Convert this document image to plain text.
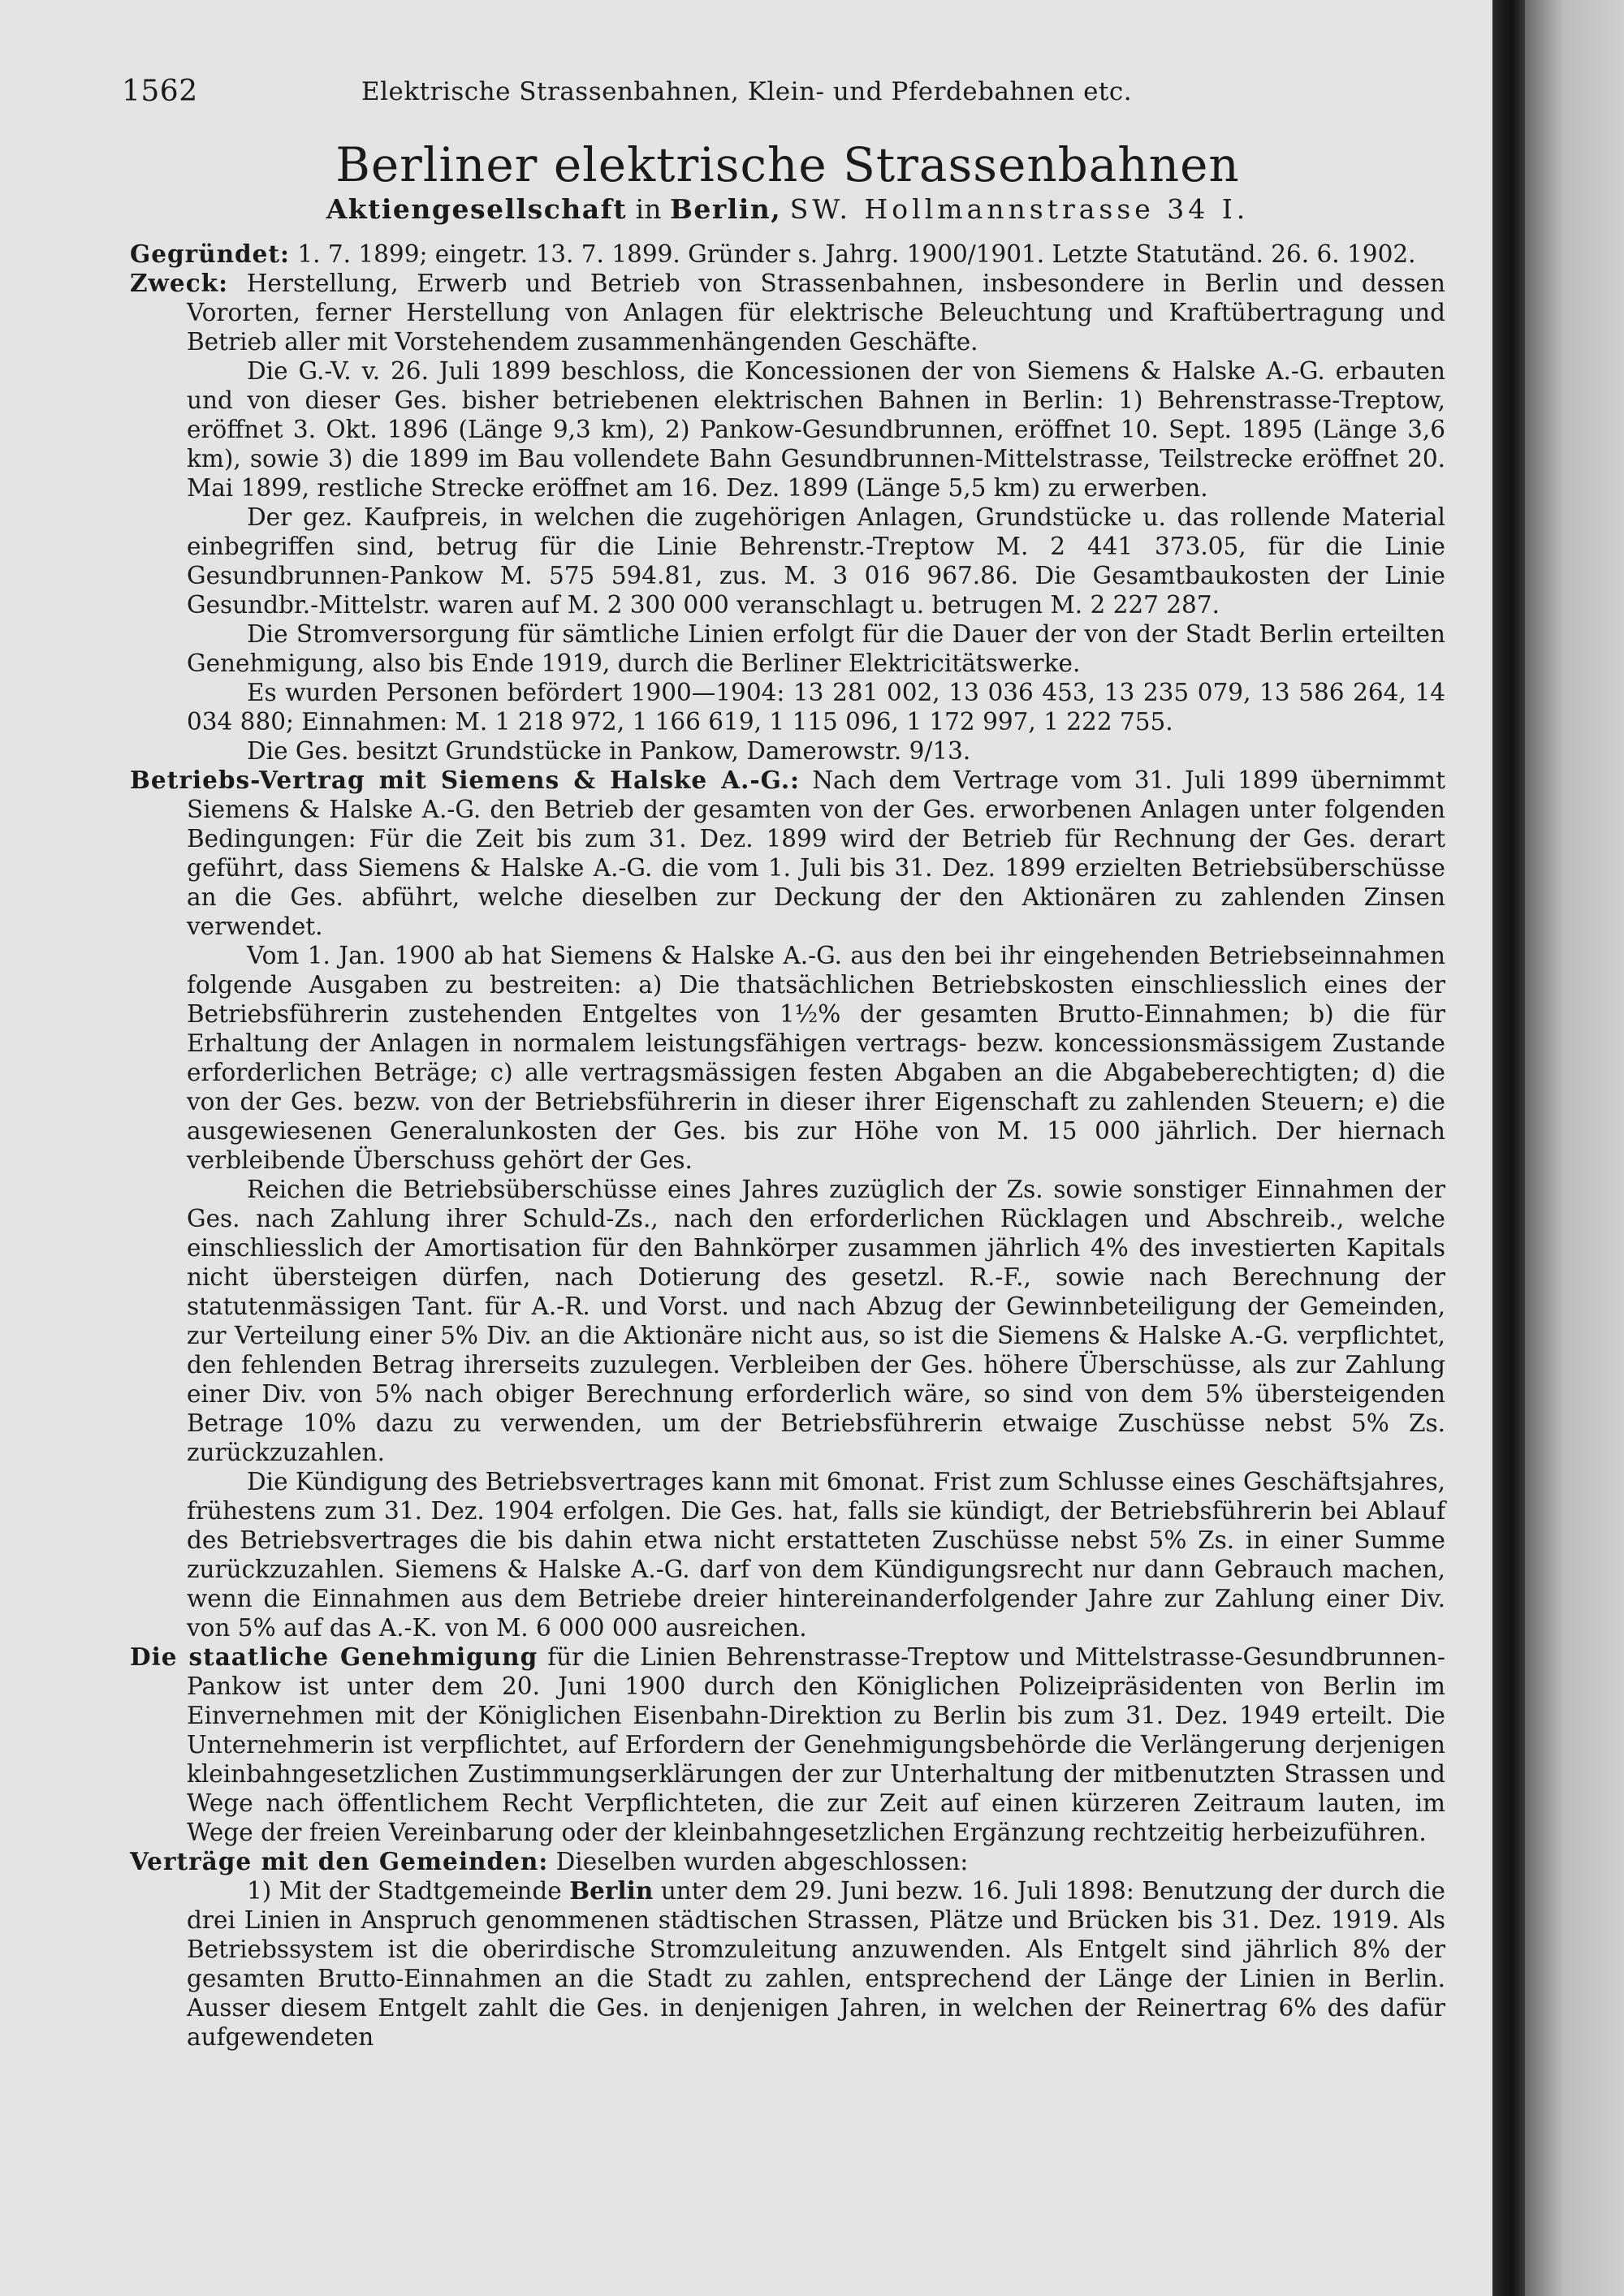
1562	Elektrische Strassenbahnen, Klein- und Pferdebahnen etc.
Berliner elektrische Strassenbahnen
Aktiengesellschaft in Berlin, SW. Hollmannstrasse 34 I.

Gegründet: 1. 7. 1899; eingetr. 13. 7. 1899. Gründer s. Jahrg. 1900/1901. Letzte Statutänd. 26. 6. 1902.

Zweck: Herstellung, Erwerb und Betrieb von Strassenbahnen, insbesondere in Berlin und dessen Vororten, ferner Herstellung von Anlagen für elektrische Beleuchtung und Kraftübertragung und Betrieb aller mit Vorstehendem zusammenhängenden Geschäfte.

Die G.-V. v. 26. Juli 1899 beschloss, die Koncessionen der von Siemens & Halske A.-G. erbauten und von dieser Ges. bisher betriebenen elektrischen Bahnen in Berlin: 1) Behrenstrasse-Treptow, eröffnet 3. Okt. 1896 (Länge 9,3 km), 2) Pankow-Gesundbrunnen, eröffnet 10. Sept. 1895 (Länge 3,6 km), sowie 3) die 1899 im Bau vollendete Bahn Gesundbrunnen-Mittelstrasse, Teilstrecke eröffnet 20. Mai 1899, restliche Strecke eröffnet am 16. Dez. 1899 (Länge 5,5 km) zu erwerben.

Der gez. Kaufpreis, in welchen die zugehörigen Anlagen, Grundstücke u. das rollende Material einbegriffen sind, betrug für die Linie Behrenstr.-Treptow M. 2 441 373.05, für die Linie Gesundbrunnen-Pankow M. 575 594.81, zus. M. 3 016 967.86. Die Gesamtbaukosten der Linie Gesundbr.-Mittelstr. waren auf M. 2 300 000 veranschlagt u. betrugen M. 2 227 287.

Die Stromversorgung für sämtliche Linien erfolgt für die Dauer der von der Stadt Berlin erteilten Genehmigung, also bis Ende 1919, durch die Berliner Elektricitätswerke.

Es wurden Personen befördert 1900—1904: 13 281 002, 13 036 453, 13 235 079, 13 586 264, 14 034 880; Einnahmen: M. 1 218 972, 1 166 619, 1 115 096, 1 172 997, 1 222 755.

Die Ges. besitzt Grundstücke in Pankow, Damerowstr. 9/13.

Betriebs-Vertrag mit Siemens & Halske A.-G.: Nach dem Vertrage vom 31. Juli 1899 übernimmt Siemens & Halske A.-G. den Betrieb der gesamten von der Ges. erworbenen Anlagen unter folgenden Bedingungen: Für die Zeit bis zum 31. Dez. 1899 wird der Betrieb für Rechnung der Ges. derart geführt, dass Siemens & Halske A.-G. die vom 1. Juli bis 31. Dez. 1899 erzielten Betriebsüberschüsse an die Ges. abführt, welche dieselben zur Deckung der den Aktionären zu zahlenden Zinsen verwendet.

Vom 1. Jan. 1900 ab hat Siemens & Halske A.-G. aus den bei ihr eingehenden Betriebseinnahmen folgende Ausgaben zu bestreiten: a) Die thatsächlichen Betriebskosten einschliesslich eines der Betriebsführerin zustehenden Entgeltes von 1½% der gesamten Brutto-Einnahmen; b) die für Erhaltung der Anlagen in normalem leistungsfähigen vertrags- bezw. koncessionsmässigem Zustande erforderlichen Beträge; c) alle vertragsmässigen festen Abgaben an die Abgabeberechtigten; d) die von der Ges. bezw. von der Betriebsführerin in dieser ihrer Eigenschaft zu zahlenden Steuern; e) die ausgewiesenen Generalunkosten der Ges. bis zur Höhe von M. 15 000 jährlich. Der hiernach verbleibende Überschuss gehört der Ges.

Reichen die Betriebsüberschüsse eines Jahres zuzüglich der Zs. sowie sonstiger Einnahmen der Ges. nach Zahlung ihrer Schuld-Zs., nach den erforderlichen Rücklagen und Abschreib., welche einschliesslich der Amortisation für den Bahnkörper zusammen jährlich 4% des investierten Kapitals nicht übersteigen dürfen, nach Dotierung des gesetzl. R.-F., sowie nach Berechnung der statutenmässigen Tant. für A.-R. und Vorst. und nach Abzug der Gewinnbeteiligung der Gemeinden, zur Verteilung einer 5% Div. an die Aktionäre nicht aus, so ist die Siemens & Halske A.-G. verpflichtet, den fehlenden Betrag ihrerseits zuzulegen. Verbleiben der Ges. höhere Überschüsse, als zur Zahlung einer Div. von 5% nach obiger Berechnung erforderlich wäre, so sind von dem 5% übersteigenden Betrage 10% dazu zu verwenden, um der Betriebsführerin etwaige Zuschüsse nebst 5% Zs. zurückzuzahlen.

Die Kündigung des Betriebsvertrages kann mit 6monat. Frist zum Schlusse eines Geschäftsjahres, frühestens zum 31. Dez. 1904 erfolgen. Die Ges. hat, falls sie kündigt, der Betriebsführerin bei Ablauf des Betriebsvertrages die bis dahin etwa nicht erstatteten Zuschüsse nebst 5% Zs. in einer Summe zurückzuzahlen. Siemens & Halske A.-G. darf von dem Kündigungsrecht nur dann Gebrauch machen, wenn die Einnahmen aus dem Betriebe dreier hintereinanderfolgender Jahre zur Zahlung einer Div. von 5% auf das A.-K. von M. 6 000 000 ausreichen.

Die staatliche Genehmigung für die Linien Behrenstrasse-Treptow und Mittelstrasse-Gesundbrunnen-Pankow ist unter dem 20. Juni 1900 durch den Königlichen Polizeipräsidenten von Berlin im Einvernehmen mit der Königlichen Eisenbahn-Direktion zu Berlin bis zum 31. Dez. 1949 erteilt. Die Unternehmerin ist verpflichtet, auf Erfordern der Genehmigungsbehörde die Verlängerung derjenigen kleinbahngesetzlichen Zustimmungserklärungen der zur Unterhaltung der mitbenutzten Strassen und Wege nach öffentlichem Recht Verpflichteten, die zur Zeit auf einen kürzeren Zeitraum lauten, im Wege der freien Vereinbarung oder der kleinbahngesetzlichen Ergänzung rechtzeitig herbeizuführen.

Verträge mit den Gemeinden: Dieselben wurden abgeschlossen:

1) Mit der Stadtgemeinde Berlin unter dem 29. Juni bezw. 16. Juli 1898: Benutzung der durch die drei Linien in Anspruch genommenen städtischen Strassen, Plätze und Brücken bis 31. Dez. 1919. Als Betriebssystem ist die oberirdische Stromzuleitung anzuwenden. Als Entgelt sind jährlich 8% der gesamten Brutto-Einnahmen an die Stadt zu zahlen, entsprechend der Länge der Linien in Berlin. Ausser diesem Entgelt zahlt die Ges. in denjenigen Jahren, in welchen der Reinertrag 6% des dafür aufgewendeten
